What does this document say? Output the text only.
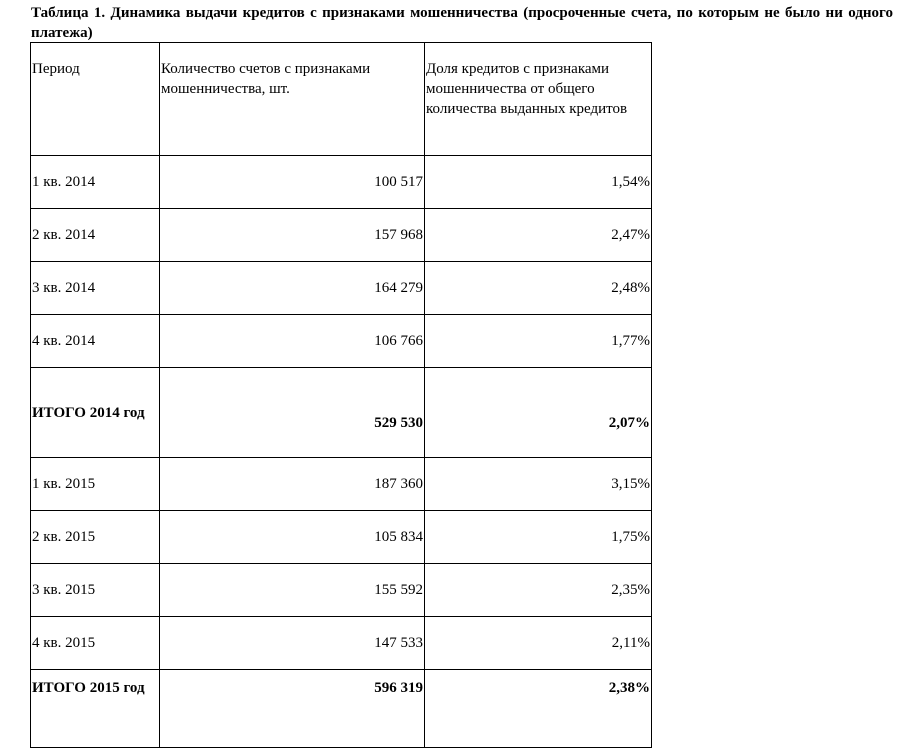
Таблица 1. Динамика выдачи кредитов с признаками мошенничества (просроченные счета, по которым не было ни одного платежа)
Период	Количество счетов с признаками мошенничества, шт.	Доля кредитов с признаками мошенничества от общего количества выданных кредитов
1 кв. 2014	100 517	1,54%
2 кв. 2014	157 968	2,47%
3 кв. 2014	164 279	2,48%
4 кв. 2014	106 766	1,77%
ИТОГО 2014 год	529 530	2,07%
1 кв. 2015	187 360	3,15%
2 кв. 2015	105 834	1,75%
3 кв. 2015	155 592	2,35%
4 кв. 2015	147 533	2,11%
ИТОГО 2015 год	596 319	2,38%
